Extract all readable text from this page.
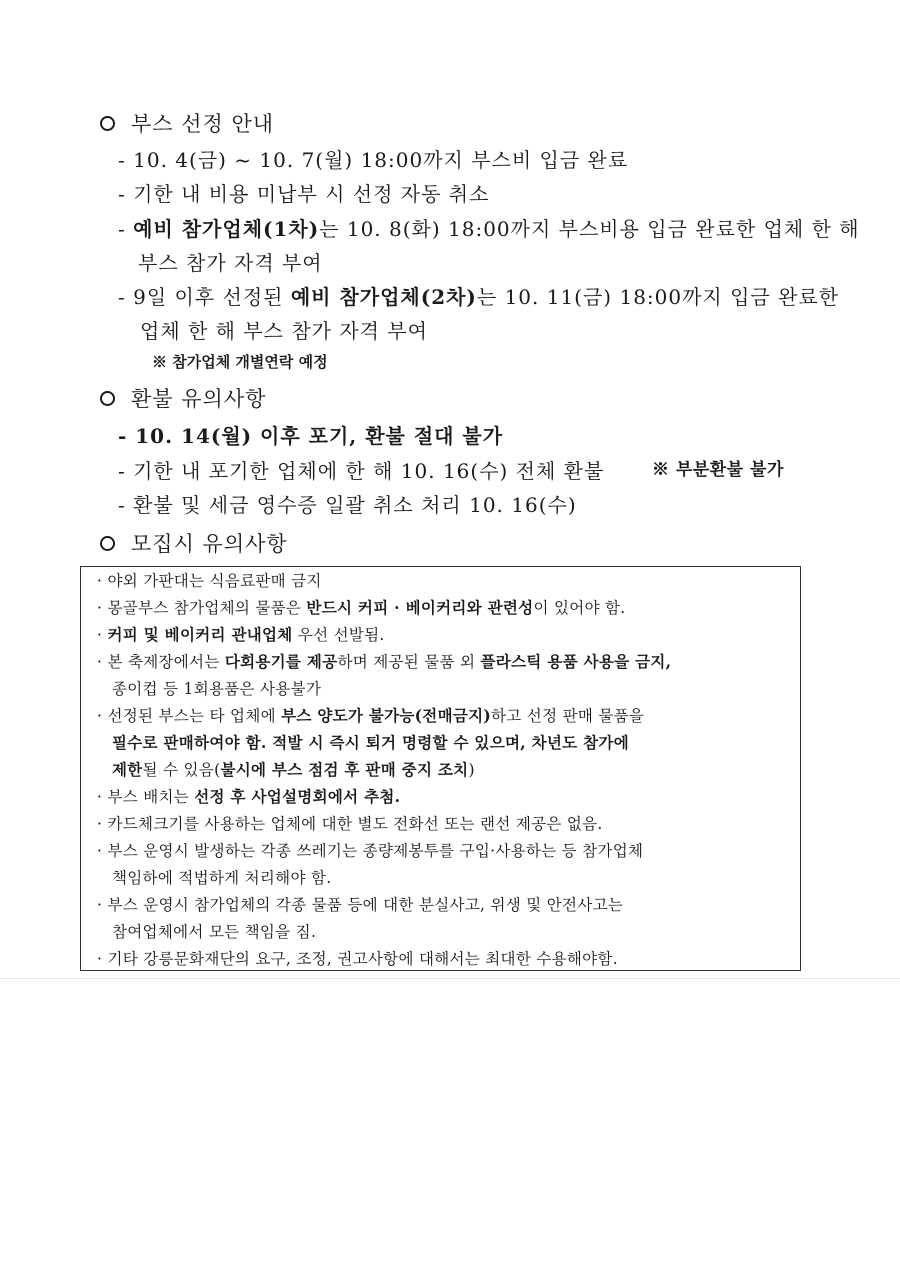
부스 선정 안내
- 10. 4(금) ~ 10. 7(월) 18:00까지 부스비 입금 완료
- 기한 내 비용 미납부 시 선정 자동 취소
- 예비 참가업체(1차)는 10. 8(화) 18:00까지 부스비용 입금 완료한 업체 한 해
부스 참가 자격 부여
- 9일 이후 선정된 예비 참가업체(2차)는 10. 11(금) 18:00까지 입금 완료한
업체 한 해 부스 참가 자격 부여
※ 참가업체 개별연락 예정
환불 유의사항
- 10. 14(월) 이후 포기, 환불 절대 불가
- 기한 내 포기한 업체에 한 해 10. 16(수) 전체 환불	※ 부분환불 불가
- 환불 및 세금 영수증 일괄 취소 처리 10. 16(수)
모집시 유의사항
· 야외 가판대는 식음료판매 금지
· 몽골부스 참가업체의 물품은 반드시 커피 · 베이커리와 관련성이 있어야 함.
· 커피 및 베이커리 관내업체 우선 선발됨.
· 본 축제장에서는 다회용기를 제공하며 제공된 물품 외 플라스틱 용품 사용을 금지,
종이컵 등 1회용품은 사용불가
· 선정된 부스는 타 업체에 부스 양도가 불가능(전매금지)하고 선정 판매 물품을
필수로 판매하여야 함. 적발 시 즉시 퇴거 명령할 수 있으며, 차년도 참가에
제한될 수 있음(불시에 부스 점검 후 판매 중지 조치)
· 부스 배치는 선정 후 사업설명회에서 추첨.
· 카드체크기를 사용하는 업체에 대한 별도 전화선 또는 랜선 제공은 없음.
· 부스 운영시 발생하는 각종 쓰레기는 종량제봉투를 구입·사용하는 등 참가업체
책임하에 적법하게 처리해야 함.
· 부스 운영시 참가업체의 각종 물품 등에 대한 분실사고, 위생 및 안전사고는
참여업체에서 모든 책임을 짐.
· 기타 강릉문화재단의 요구, 조정, 권고사항에 대해서는 최대한 수용해야함.
